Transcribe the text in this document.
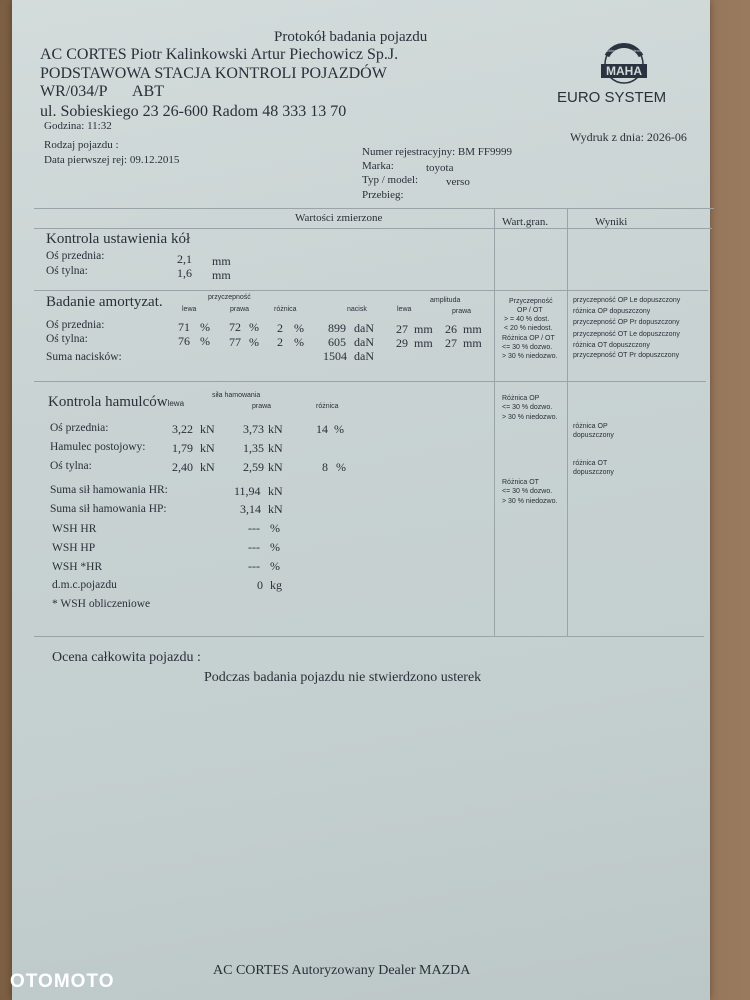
Protokół badania pojazdu
AC CORTES Piotr Kalinkowski Artur Piechowicz Sp.J.
PODSTAWOWA STACJA KONTROLI POJAZDÓW
WR/034/P ABT
ul. Sobieskiego 23 26-600 Radom 48 333 13 70
Godzina: 11:32
MAHA
Maschinenbau Haldenwang
EURO SYSTEM
Wydruk z dnia: 2026-06
Rodzaj pojazdu :
Data pierwszej rej: 09.12.2015
Numer rejestracyjny: BM FF9999
Marka:	toyota
Typ / model:	verso
Przebieg:
Wartości zmierzone	Wart.gran.	Wyniki
Kontrola ustawienia kół
Oś przednia:	2,1 mm
Oś tylna:	1,6 mm
Badanie amortyzat.	przyczepność
lewa	prawa	różnica	nacisk
amplituda
lewa	prawa
Oś przednia:	71 % 72 % 2 % 899 daN 27 mm 26 mm
Oś tylna:	76 % 77 % 2 % 605 daN 29 mm 27 mm
Suma nacisków:	1504 daN
Przyczepność
OP / OT
> = 40 % dost.
< 20 % niedost.
Różnica OP / OT
<= 30 % dozwo.
> 30 % niedozwo.
przyczepność OP Le dopuszczony
różnica OP dopuszczony
przyczepność OP Pr dopuszczony
przyczepność OT Le dopuszczony
różnica OT dopuszczony
przyczepność OT Pr dopuszczony
Kontrola hamulcówlewa
siła hamowania
prawa	różnica
Oś przednia:	3,22 kN 3,73 kN	14 %
Hamulec postojowy: 1,79 kN 1,35 kN
Oś tylna:	2,40 kN 2,59 kN	8 %
Suma sił hamowania HR:	11,94 kN
Suma sił hamowania HP:	3,14 kN
WSH HR	--- %
WSH HP	--- %
WSH *HR	--- %
d.m.c.pojazdu	0 kg
* WSH obliczeniowe
Różnica OP
<= 30 % dozwo.
> 30 % niedozwo.
Różnica OT
<= 30 % dozwo.
> 30 % niedozwo.
różnica OP
dopuszczony
różnica OT
dopuszczony
Ocena całkowita pojazdu :
Podczas badania pojazdu nie stwierdzono usterek
AC CORTES Autoryzowany Dealer MAZDA
OTOMOTO
